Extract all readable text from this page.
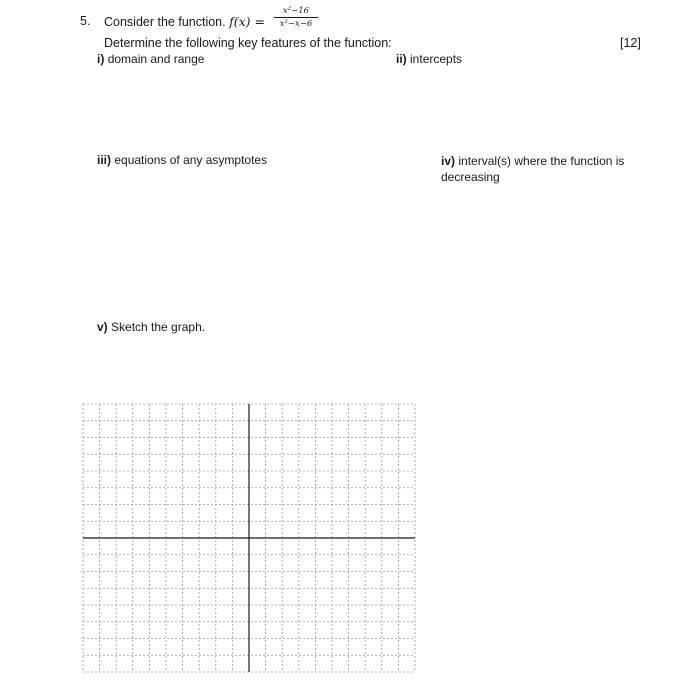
5. Consider the function. $f(x) = \frac{\text{x²−16}}{\text{x²−x−6}}$
Determine the following key features of the function:	[12]
i) domain and range	ii) intercepts
iii) equations of any asymptotes	iv) interval(s) where the function is decreasing
v) Sketch the graph.
